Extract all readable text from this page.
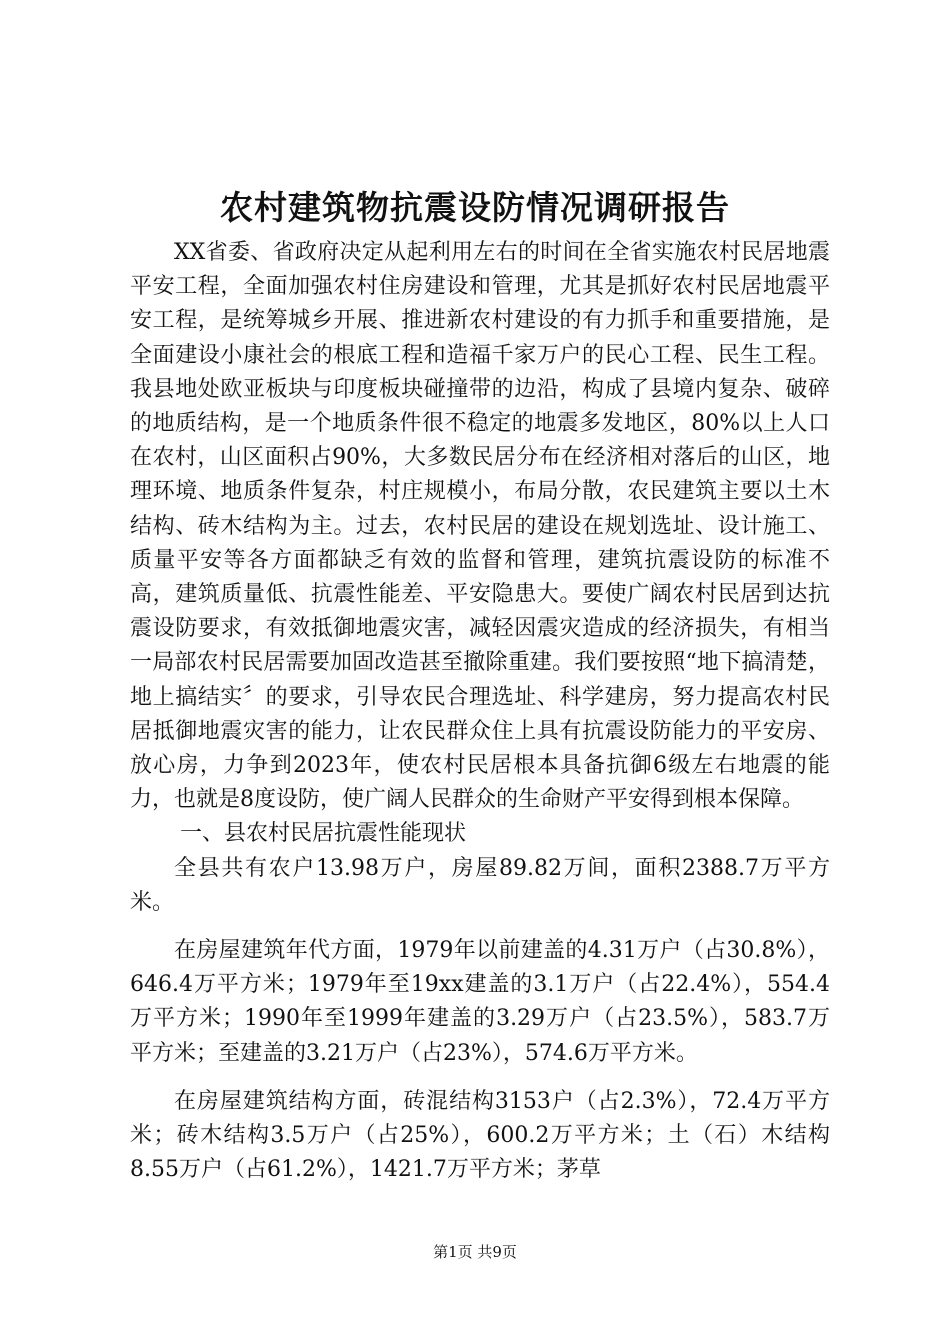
农村建筑物抗震设防情况调研报告

XX省委、省政府决定从起利用左右的时间在全省实施农村民居地震平安工程，全面加强农村住房建设和管理，尤其是抓好农村民居地震平安工程，是统筹城乡开展、推进新农村建设的有力抓手和重要措施，是全面建设小康社会的根底工程和造福千家万户的民心工程、民生工程。我县地处欧亚板块与印度板块碰撞带的边沿，构成了县境内复杂、破碎的地质结构，是一个地质条件很不稳定的地震多发地区，80%以上人口在农村，山区面积占90%，大多数民居分布在经济相对落后的山区，地理环境、地质条件复杂，村庄规模小，布局分散，农民建筑主要以土木结构、砖木结构为主。过去，农村民居的建设在规划选址、设计施工、质量平安等各方面都缺乏有效的监督和管理，建筑抗震设防的标准不高，建筑质量低、抗震性能差、平安隐患大。要使广阔农村民居到达抗震设防要求，有效抵御地震灾害，减轻因震灾造成的经济损失，有相当一局部农村民居需要加固改造甚至撤除重建。我们要按照“地下搞清楚，地上搞结实〞的要求，引导农民合理选址、科学建房，努力提高农村民居抵御地震灾害的能力，让农民群众住上具有抗震设防能力的平安房、放心房，力争到2023年，使农村民居根本具备抗御6级左右地震的能力，也就是8度设防，使广阔人民群众的生命财产平安得到根本保障。

一、县农村民居抗震性能现状

全县共有农户13.98万户，房屋89.82万间，面积2388.7万平方米。

在房屋建筑年代方面，1979年以前建盖的4.31万户（占30.8%），646.4万平方米；1979年至19xx建盖的3.1万户（占22.4%），554.4万平方米；1990年至1999年建盖的3.29万户（占23.5%），583.7万平方米；至建盖的3.21万户（占23%），574.6万平方米。

在房屋建筑结构方面，砖混结构3153户（占2.3%），72.4万平方米；砖木结构3.5万户（占25%），600.2万平方米；土（石）木结构8.55万户（占61.2%），1421.7万平方米；茅草

第1页 共9页
